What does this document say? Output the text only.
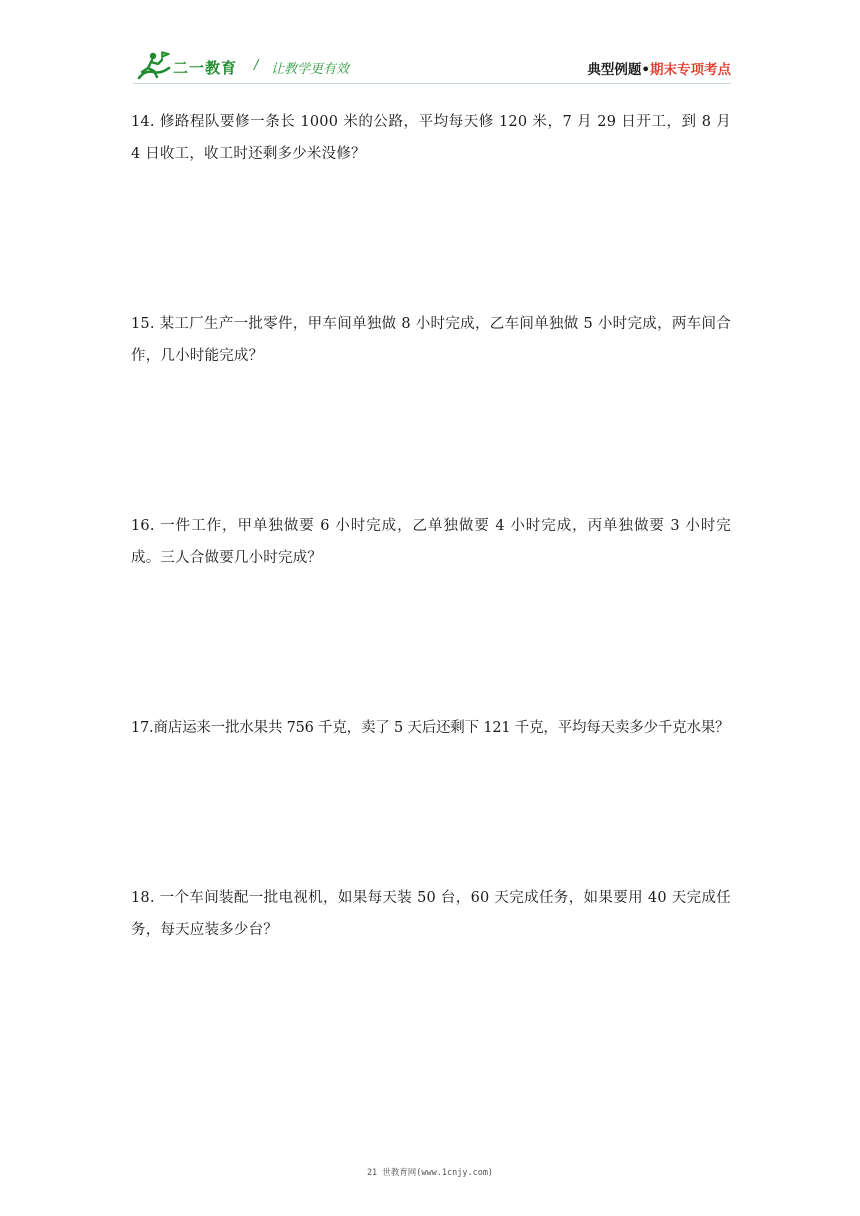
二一教育 / 让教学更有效	典型例题•期末专项考点
14. 修路程队要修一条长 1000 米的公路，平均每天修 120 米，7 月 29 日开工，到 8 月 4 日收工，收工时还剩多少米没修？
15. 某工厂生产一批零件，甲车间单独做 8 小时完成，乙车间单独做 5 小时完成，两车间合作，几小时能完成？
16. 一件工作，甲单独做要 6 小时完成，乙单独做要 4 小时完成，丙单独做要 3 小时完成。三人合做要几小时完成？
17.商店运来一批水果共 756 千克，卖了 5 天后还剩下 121 千克，平均每天卖多少千克水果？
18. 一个车间装配一批电视机，如果每天装 50 台，60 天完成任务，如果要用 40 天完成任务，每天应装多少台？
21 世教育网(www.1cnjy.com)
